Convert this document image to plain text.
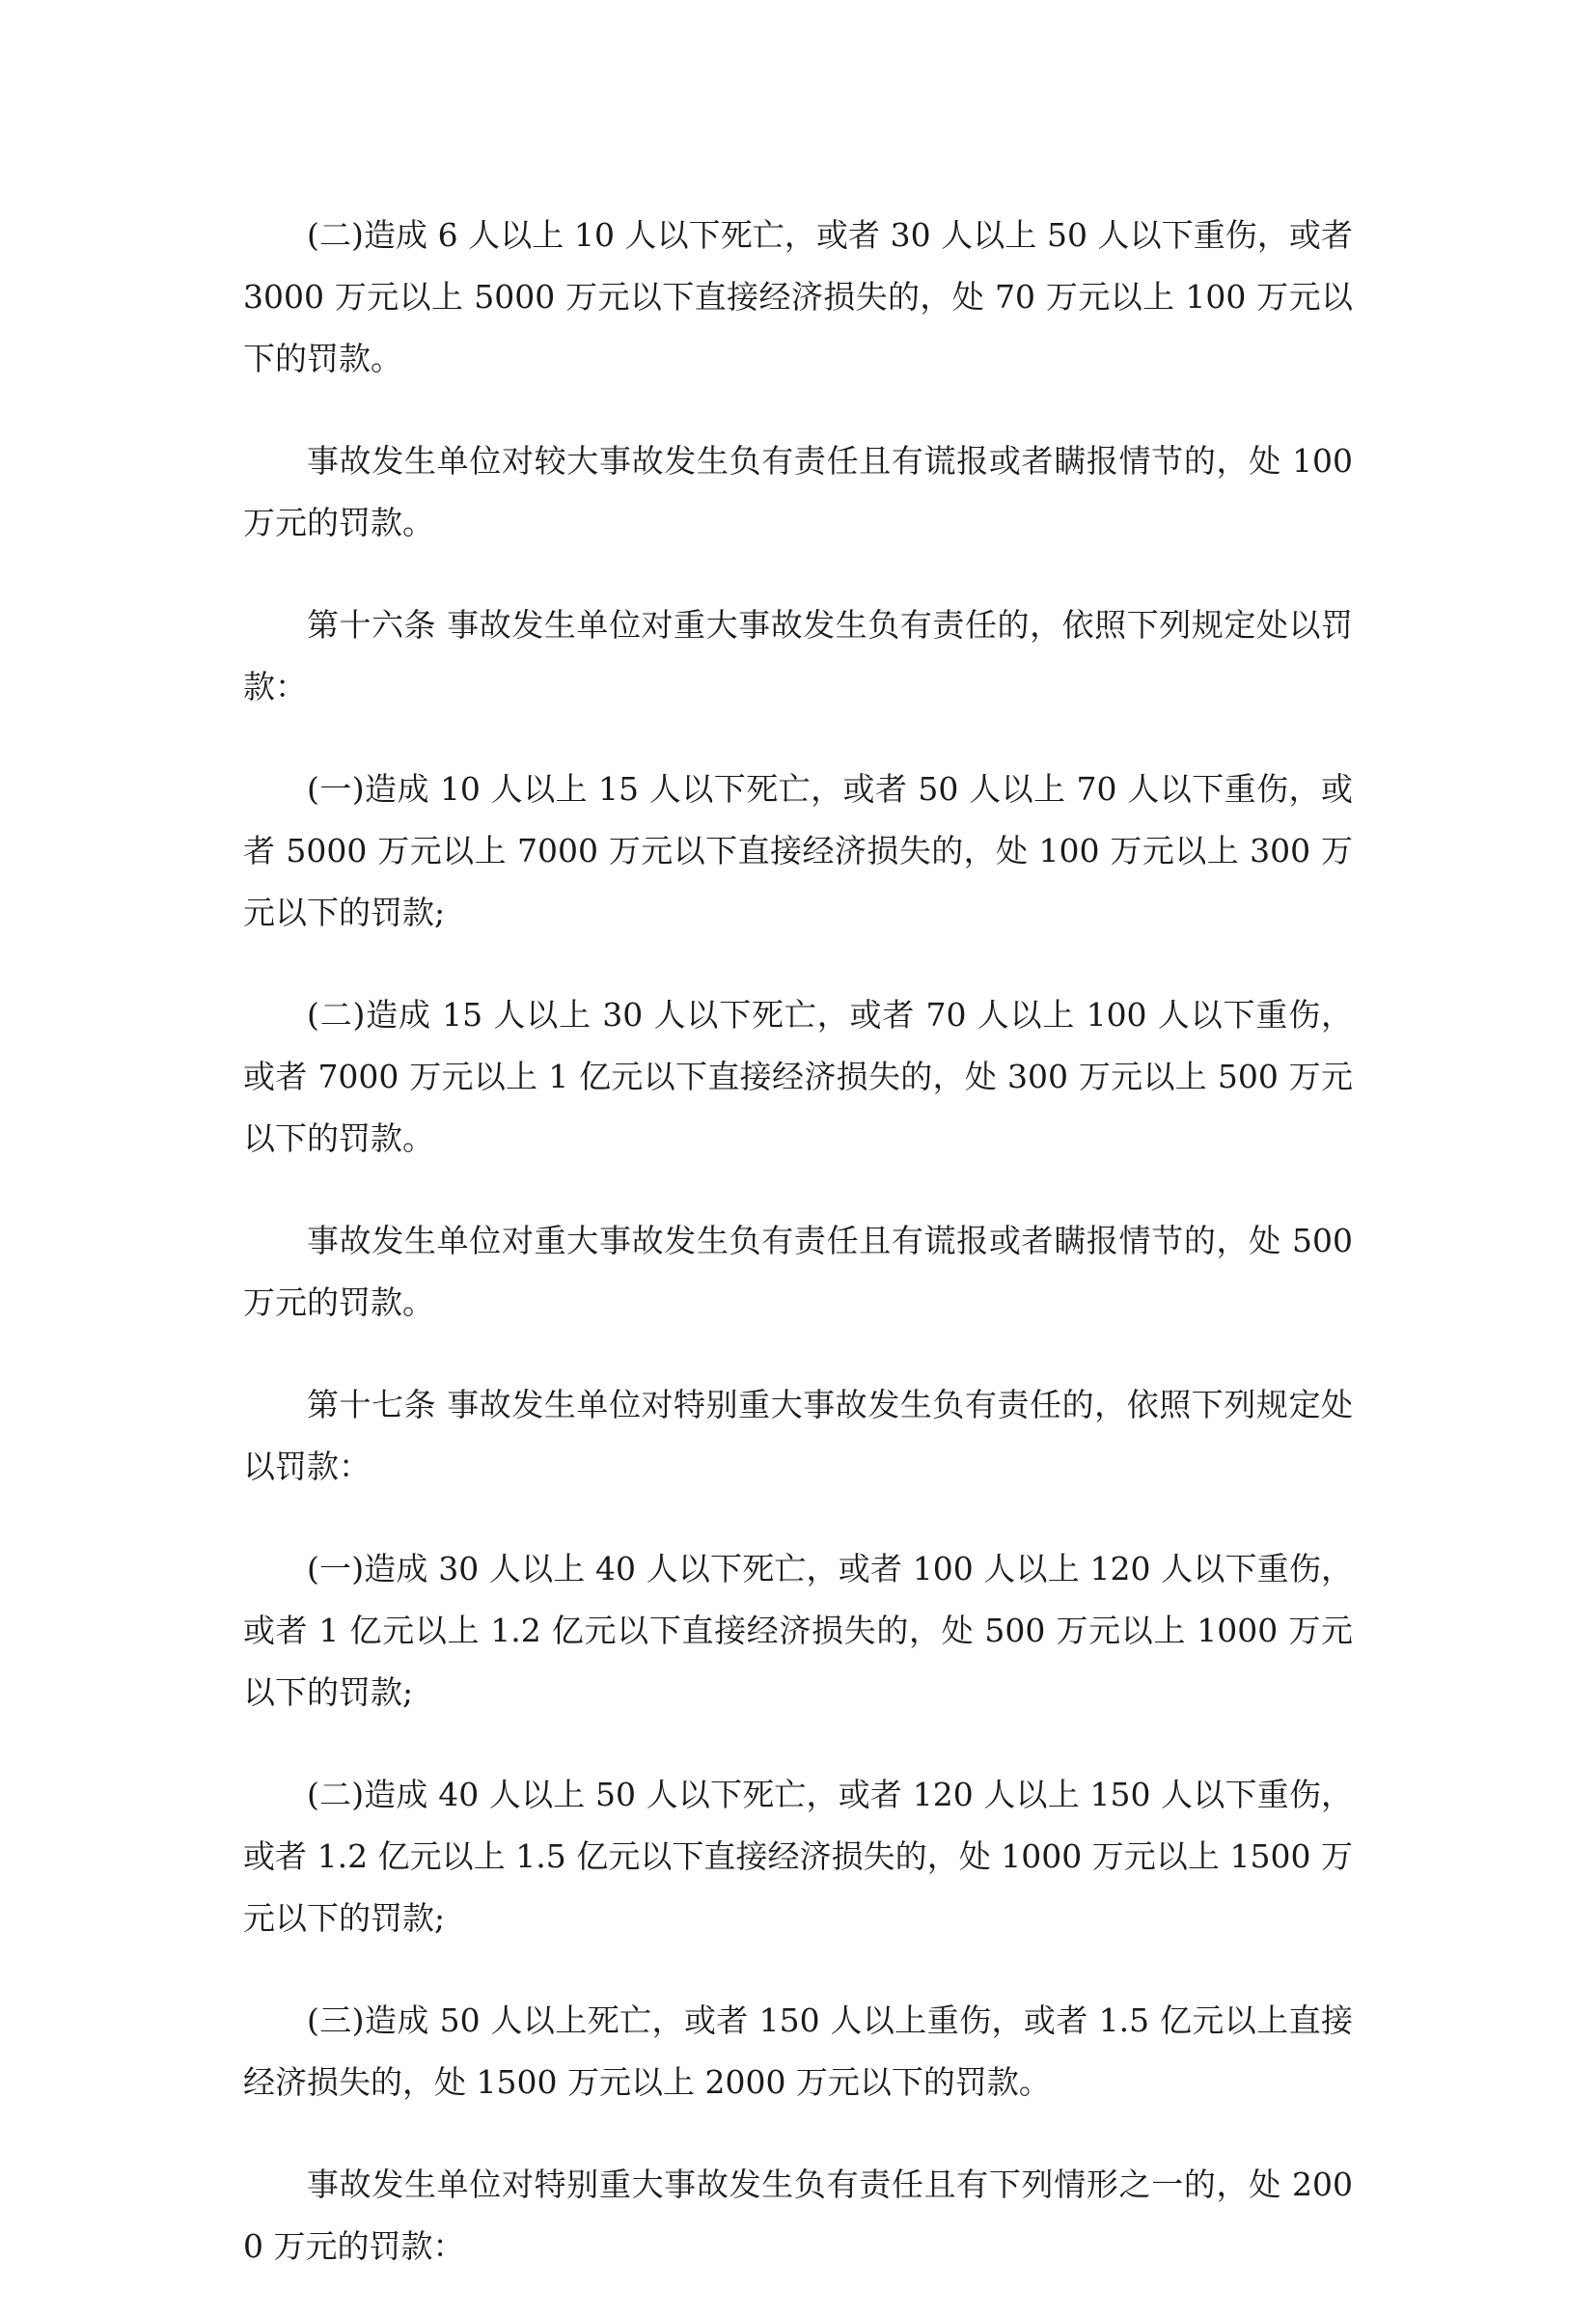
(二)造成 6 人以上 10 人以下死亡，或者 30 人以上 50 人以下重伤，或者 3000 万元以上 5000 万元以下直接经济损失的，处 70 万元以上 100 万元以下的罚款。

事故发生单位对较大事故发生负有责任且有谎报或者瞒报情节的，处 100 万元的罚款。

第十六条 事故发生单位对重大事故发生负有责任的，依照下列规定处以罚款：

(一)造成 10 人以上 15 人以下死亡，或者 50 人以上 70 人以下重伤，或者 5000 万元以上 7000 万元以下直接经济损失的，处 100 万元以上 300 万元以下的罚款;

(二)造成 15 人以上 30 人以下死亡，或者 70 人以上 100 人以下重伤，或者 7000 万元以上 1 亿元以下直接经济损失的，处 300 万元以上 500 万元以下的罚款。

事故发生单位对重大事故发生负有责任且有谎报或者瞒报情节的，处 500 万元的罚款。

第十七条 事故发生单位对特别重大事故发生负有责任的，依照下列规定处以罚款：

(一)造成 30 人以上 40 人以下死亡，或者 100 人以上 120 人以下重伤，或者 1 亿元以上 1.2 亿元以下直接经济损失的，处 500 万元以上 1000 万元以下的罚款;

(二)造成 40 人以上 50 人以下死亡，或者 120 人以上 150 人以下重伤，或者 1.2 亿元以上 1.5 亿元以下直接经济损失的，处 1000 万元以上 1500 万元以下的罚款;

(三)造成 50 人以上死亡，或者 150 人以上重伤，或者 1.5 亿元以上直接经济损失的，处 1500 万元以上 2000 万元以下的罚款。

事故发生单位对特别重大事故发生负有责任且有下列情形之一的，处 2000 万元的罚款：
